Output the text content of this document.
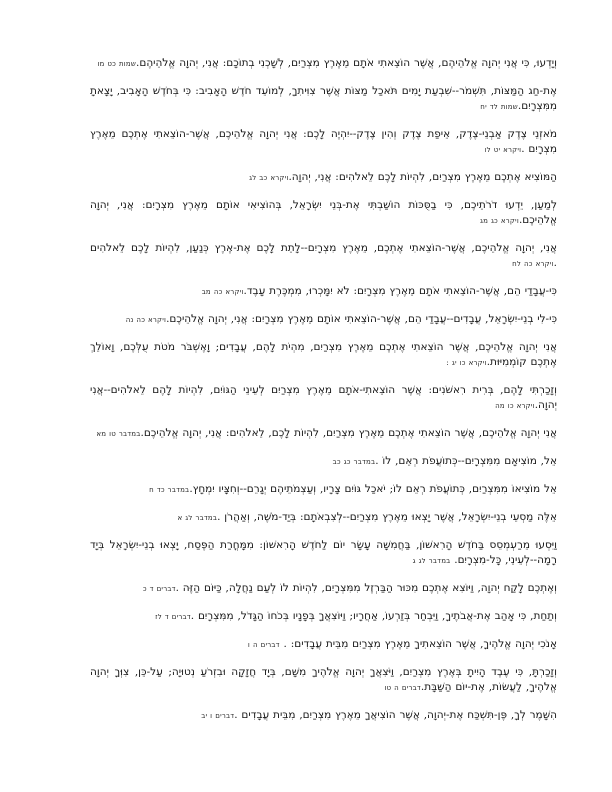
וְיָדְעוּ, כִּי אֲנִי יְהוָה אֱלֹהֵיהֶם, אֲשֶׁר הוֹצֵאתִי אֹתָם מֵאֶרֶץ מִצְרַיִם, לְשָׁכְנִי בְתוֹכָם: אֲנִי, יְהוָה אֱלֹהֵיהֶם.שמות כט מו

אֶת-חַג הַמַּצּוֹת, תִּשְׁמֹר--שִׁבְעַת יָמִים תֹּאכַל מַצּוֹת אֲשֶׁר צִוִּיתִךָ, לְמוֹעֵד חֹדֶשׁ הָאָבִיב: כִּי בְּחֹדֶשׁ הָאָבִיב, יָצָאתָ מִמִּצְרָיִם.שמות לד יח

מֹאזְנֵי צֶדֶק אַבְנֵי-צֶדֶק, אֵיפַת צֶדֶק וְהִין צֶדֶק--יִהְיֶה לָכֶם: אֲנִי יְהוָה אֱלֹהֵיכֶם, אֲשֶׁר-הוֹצֵאתִי אֶתְכֶם מֵאֶרֶץ מִצְרָיִם .ויקרא יט לו

הַמּוֹצִיא אֶתְכֶם מֵאֶרֶץ מִצְרַיִם, לִהְיוֹת לָכֶם לֵאלֹהִים: אֲנִי, יְהוָה.ויקרא כב לג

לְמַעַן, יֵדְעוּ דֹרֹתֵיכֶם, כִּי בַסֻּכּוֹת הוֹשַׁבְתִּי אֶת-בְּנֵי יִשְׂרָאֵל, בְּהוֹצִיאִי אוֹתָם מֵאֶרֶץ מִצְרָיִם: אֲנִי, יְהוָה אֱלֹהֵיכֶם.ויקרא כג מג

אֲנִי, יְהוָה אֱלֹהֵיכֶם, אֲשֶׁר-הוֹצֵאתִי אֶתְכֶם, מֵאֶרֶץ מִצְרָיִם--לָתֵת לָכֶם אֶת-אֶרֶץ כְּנַעַן, לִהְיוֹת לָכֶם לֵאלֹהִים .ויקרא כה לח

כִּי-עֲבָדַי הֵם, אֲשֶׁר-הוֹצֵאתִי אֹתָם מֵאֶרֶץ מִצְרָיִם: לֹא יִמָּכְרוּ, מִמְכֶּרֶת עָבֶד.ויקרא כה מב

כִּי-לִי בְנֵי-יִשְׂרָאֵל, עֲבָדִים--עֲבָדַי הֵם, אֲשֶׁר-הוֹצֵאתִי אוֹתָם מֵאֶרֶץ מִצְרָיִם: אֲנִי, יְהוָה אֱלֹהֵיכֶם.ויקרא כה נה

אֲנִי יְהוָה אֱלֹהֵיכֶם, אֲשֶׁר הוֹצֵאתִי אֶתְכֶם מֵאֶרֶץ מִצְרַיִם, מִהְיֹת לָהֶם, עֲבָדִים; וָאֶשְׁבֹּר מֹטֹת עֻלְּכֶם, וָאוֹלֵךְ אֶתְכֶם קוֹמְמִיּוּת.ויקרא כו יג :

וְזָכַרְתִּי לָהֶם, בְּרִית רִאשֹׁנִים: אֲשֶׁר הוֹצֵאתִי-אֹתָם מֵאֶרֶץ מִצְרַיִם לְעֵינֵי הַגּוֹיִם, לִהְיוֹת לָהֶם לֵאלֹהִים--אֲנִי יְהוָה.ויקרא כו מה

אֲנִי יְהוָה אֱלֹהֵיכֶם, אֲשֶׁר הוֹצֵאתִי אֶתְכֶם מֵאֶרֶץ מִצְרַיִם, לִהְיוֹת לָכֶם, לֵאלֹהִים: אֲנִי, יְהוָה אֱלֹהֵיכֶם.במדבר טו מא

אֵל, מוֹצִיאָם מִמִּצְרָיִם--כְּתוֹעֲפֹת רְאֵם, לוֹ .במדבר כג כב

אֵל מוֹצִיאוֹ מִמִּצְרַיִם, כְּתוֹעֲפֹת רְאֵם לוֹ; יֹאכַל גּוֹיִם צָרָיו, וְעַצְמֹתֵיהֶם יְגָרֵם--וְחִצָּיו יִמְחָץ.במדבר כד ח

אֵלֶּה מַסְעֵי בְנֵי-יִשְׂרָאֵל, אֲשֶׁר יָצְאוּ מֵאֶרֶץ מִצְרַיִם--לְצִבְאֹתָם: בְּיַד-מֹשֶׁה, וְאַהֲרֹן .במדבר לג א

וַיִּסְעוּ מֵרַעְמְסֵס בַּחֹדֶשׁ הָרִאשׁוֹן, בַּחֲמִשָּׁה עָשָׂר יוֹם לַחֹדֶשׁ הָרִאשׁוֹן: מִמָּחֳרַת הַפֶּסַח, יָצְאוּ בְנֵי-יִשְׂרָאֵל בְּיָד רָמָה--לְעֵינֵי, כָּל-מִצְרָיִם. במדבר לג ג

וְאֶתְכֶם לָקַח יְהוָה, וַיּוֹצִא אֶתְכֶם מִכּוּר הַבַּרְזֶל מִמִּצְרָיִם, לִהְיוֹת לוֹ לְעַם נַחֲלָה, כַּיּוֹם הַזֶּה .דברים ד כ

וְתַחַת, כִּי אָהַב אֶת-אֲבֹתֶיךָ, וַיִּבְחַר בְּזַרְעוֹ, אַחֲרָיו; וַיּוֹצִאֲךָ בְּפָנָיו בְּכֹחוֹ הַגָּדֹל, מִמִּצְרָיִם .דברים ד לז

אָנֹכִי יְהוָה אֱלֹהֶיךָ, אֲשֶׁר הוֹצֵאתִיךָ מֵאֶרֶץ מִצְרַיִם מִבֵּית עֲבָדִים: . דברים ה ו

וְזָכַרְתָּ, כִּי עֶבֶד הָיִיתָ בְּאֶרֶץ מִצְרַיִם, וַיֹּצִאֲךָ יְהוָה אֱלֹהֶיךָ מִשָּׁם, בְּיָד חֲזָקָה וּבִזְרֹעַ נְטוּיָה; עַל-כֵּן, צִוְּךָ יְהוָה אֱלֹהֶיךָ, לַעֲשׂוֹת, אֶת-יוֹם הַשַּׁבָּת.דברים ה טו

הִשָּׁמֶר לְךָ, פֶּן-תִּשְׁכַּח אֶת-יְהוָה, אֲשֶׁר הוֹצִיאֲךָ מֵאֶרֶץ מִצְרַיִם, מִבֵּית עֲבָדִים .דברים ו יב
